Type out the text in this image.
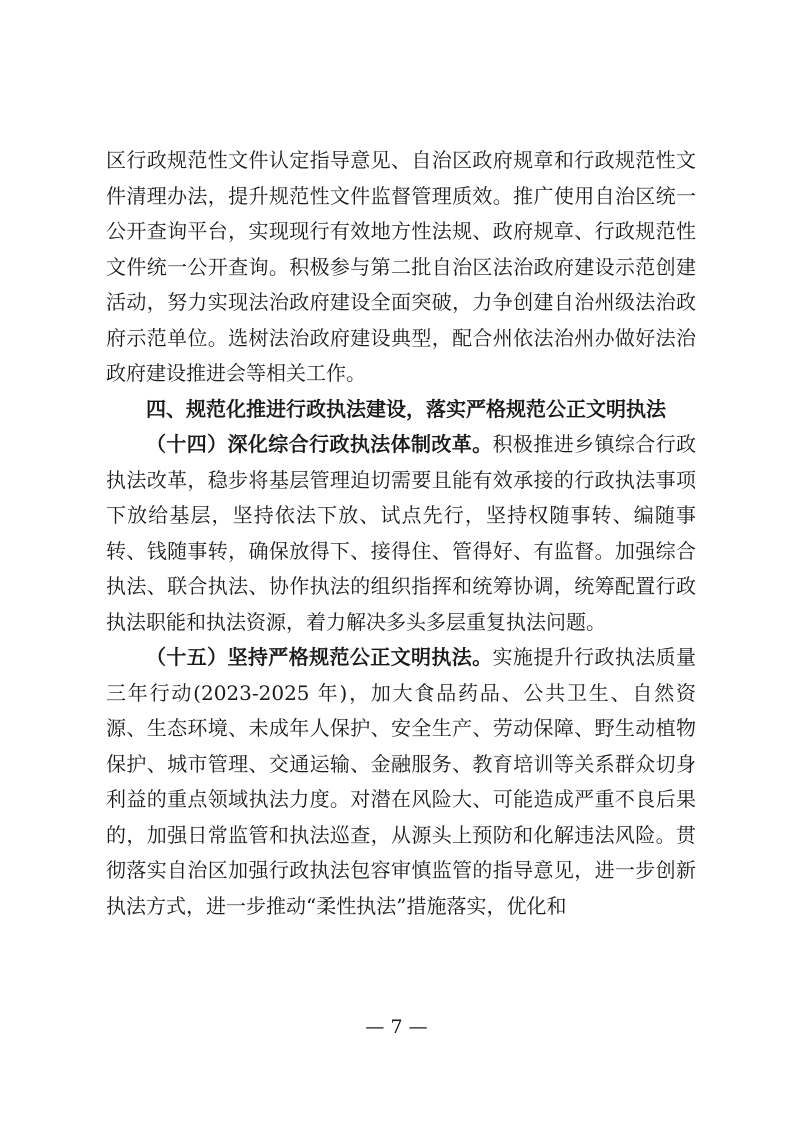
区行政规范性文件认定指导意见、自治区政府规章和行政规范性文件清理办法，提升规范性文件监督管理质效。推广使用自治区统一公开查询平台，实现现行有效地方性法规、政府规章、行政规范性文件统一公开查询。积极参与第二批自治区法治政府建设示范创建活动，努力实现法治政府建设全面突破，力争创建自治州级法治政府示范单位。选树法治政府建设典型，配合州依法治州办做好法治政府建设推进会等相关工作。

四、规范化推进行政执法建设，落实严格规范公正文明执法

（十四）深化综合行政执法体制改革。积极推进乡镇综合行政执法改革，稳步将基层管理迫切需要且能有效承接的行政执法事项下放给基层，坚持依法下放、试点先行，坚持权随事转、编随事转、钱随事转，确保放得下、接得住、管得好、有监督。加强综合执法、联合执法、协作执法的组织指挥和统筹协调，统筹配置行政执法职能和执法资源，着力解决多头多层重复执法问题。

（十五）坚持严格规范公正文明执法。实施提升行政执法质量三年行动(2023-2025 年)，加大食品药品、公共卫生、自然资源、生态环境、未成年人保护、安全生产、劳动保障、野生动植物保护、城市管理、交通运输、金融服务、教育培训等关系群众切身利益的重点领域执法力度。对潜在风险大、可能造成严重不良后果的，加强日常监管和执法巡查，从源头上预防和化解违法风险。贯彻落实自治区加强行政执法包容审慎监管的指导意见，进一步创新执法方式，进一步推动“柔性执法”措施落实，优化和

— 7 —
